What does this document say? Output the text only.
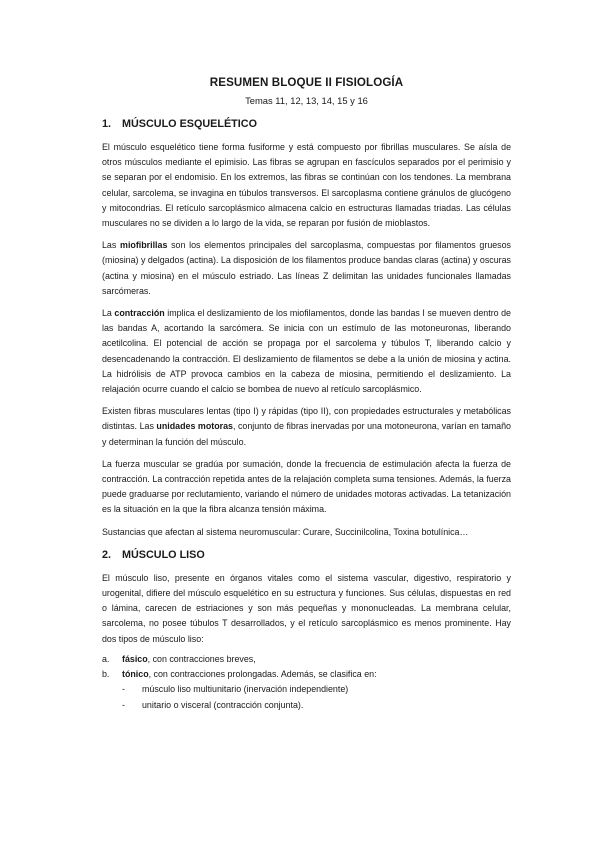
RESUMEN BLOQUE II FISIOLOGÍA
Temas 11, 12, 13, 14, 15 y 16
1.	MÚSCULO ESQUELÉTICO

El músculo esquelético tiene forma fusiforme y está compuesto por fibrillas musculares. Se aísla de otros músculos mediante el epimisio. Las fibras se agrupan en fascículos separados por el perimisio y se separan por el endomisio. En los extremos, las fibras se continúan con los tendones. La membrana celular, sarcolema, se invagina en túbulos transversos. El sarcoplasma contiene gránulos de glucógeno y mitocondrias. El retículo sarcoplásmico almacena calcio en estructuras llamadas triadas. Las células musculares no se dividen a lo largo de la vida, se reparan por fusión de mioblastos.

Las miofibrillas son los elementos principales del sarcoplasma, compuestas por filamentos gruesos (miosina) y delgados (actina). La disposición de los filamentos produce bandas claras (actina) y oscuras (actina y miosina) en el músculo estriado. Las líneas Z delimitan las unidades funcionales llamadas sarcómeras.

La contracción implica el deslizamiento de los miofilamentos, donde las bandas I se mueven dentro de las bandas A, acortando la sarcómera. Se inicia con un estímulo de las motoneuronas, liberando acetilcolina. El potencial de acción se propaga por el sarcolema y túbulos T, liberando calcio y desencadenando la contracción. El deslizamiento de filamentos se debe a la unión de miosina y actina. La hidrólisis de ATP provoca cambios en la cabeza de miosina, permitiendo el deslizamiento. La relajación ocurre cuando el calcio se bombea de nuevo al retículo sarcoplásmico.

Existen fibras musculares lentas (tipo I) y rápidas (tipo II), con propiedades estructurales y metabólicas distintas. Las unidades motoras, conjunto de fibras inervadas por una motoneurona, varían en tamaño y determinan la función del músculo.

La fuerza muscular se gradúa por sumación, donde la frecuencia de estimulación afecta la fuerza de contracción. La contracción repetida antes de la relajación completa suma tensiones. Además, la fuerza puede graduarse por reclutamiento, variando el número de unidades motoras activadas. La tetanización es la situación en la que la fibra alcanza tensión máxima.

Sustancias que afectan al sistema neuromuscular: Curare, Succinilcolina, Toxina botulínica…

2.	MÚSCULO LISO

El músculo liso, presente en órganos vitales como el sistema vascular, digestivo, respiratorio y urogenital, difiere del músculo esquelético en su estructura y funciones. Sus células, dispuestas en red o lámina, carecen de estriaciones y son más pequeñas y mononucleadas. La membrana celular, sarcolema, no posee túbulos T desarrollados, y el retículo sarcoplásmico es menos prominente. Hay dos tipos de músculo liso:

a.	fásico, con contracciones breves,
b.	tónico, con contracciones prolongadas. Además, se clasifica en:
-	músculo liso multiunitario (inervación independiente)
-	unitario o visceral (contracción conjunta).
